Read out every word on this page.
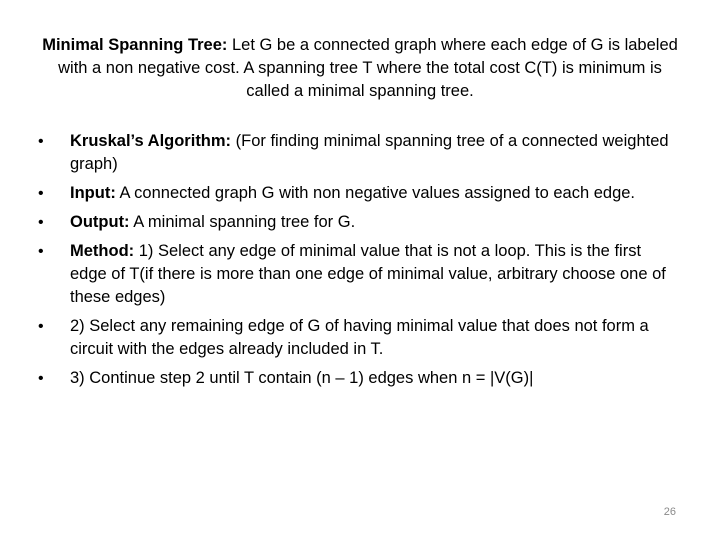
Minimal Spanning Tree: Let G be a connected graph where each edge of G is labeled with a non negative cost. A spanning tree T where the total cost C(T) is minimum is called a minimal spanning tree.
•	Kruskal’s Algorithm: (For finding minimal spanning tree of a connected weighted graph)
•	Input: A connected graph G with non negative values assigned to each edge.
•	Output: A minimal spanning tree for G.
•	Method: 1) Select any edge of minimal value that is not a loop. This is the first edge of T(if there is more than one edge of minimal value, arbitrary choose one of these edges)
•	2) Select any remaining edge of G of having minimal value that does not form a circuit with the edges already included in T.
•	3) Continue step 2 until T contain (n – 1) edges when n = |V(G)|
26
